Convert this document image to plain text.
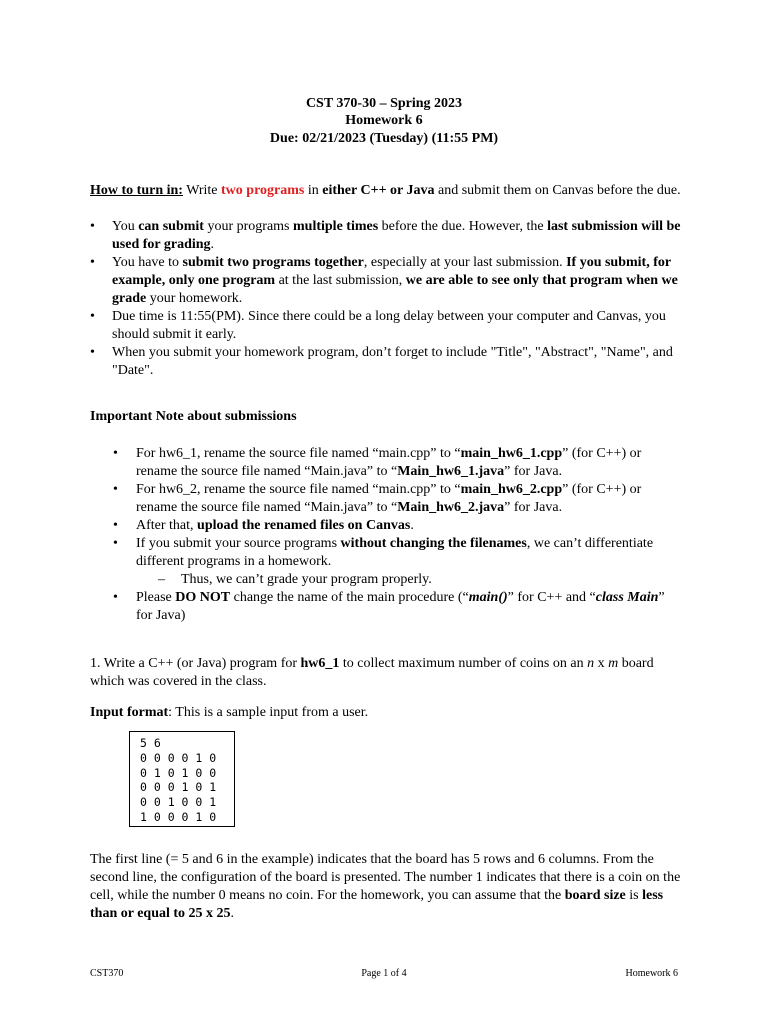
CST 370-30 – Spring 2023
Homework 6
Due: 02/21/2023 (Tuesday) (11:55 PM)
How to turn in: Write two programs in either C++ or Java and submit them on Canvas before the due.
• You can submit your programs multiple times before the due. However, the last submission will be used for grading.
• You have to submit two programs together, especially at your last submission. If you submit, for example, only one program at the last submission, we are able to see only that program when we grade your homework.
• Due time is 11:55(PM). Since there could be a long delay between your computer and Canvas, you should submit it early.
• When you submit your homework program, don’t forget to include "Title", "Abstract", "Name", and "Date".
Important Note about submissions
• For hw6_1, rename the source file named “main.cpp” to “main_hw6_1.cpp” (for C++) or rename the source file named “Main.java” to “Main_hw6_1.java” for Java.
• For hw6_2, rename the source file named “main.cpp” to “main_hw6_2.cpp” (for C++) or rename the source file named “Main.java” to “Main_hw6_2.java” for Java.
• After that, upload the renamed files on Canvas.
• If you submit your source programs without changing the filenames, we can’t differentiate different programs in a homework.
– Thus, we can’t grade your program properly.
• Please DO NOT change the name of the main procedure (“main()” for C++ and “class Main” for Java)
1. Write a C++ (or Java) program for hw6_1 to collect maximum number of coins on an n x m board which was covered in the class.
Input format: This is a sample input from a user.
5 6
0 0 0 0 1 0
0 1 0 1 0 0
0 0 0 1 0 1
0 0 1 0 0 1
1 0 0 0 1 0
The first line (= 5 and 6 in the example) indicates that the board has 5 rows and 6 columns. From the second line, the configuration of the board is presented. The number 1 indicates that there is a coin on the cell, while the number 0 means no coin. For the homework, you can assume that the board size is less than or equal to 25 x 25.
CST370	Page 1 of 4	Homework 6
